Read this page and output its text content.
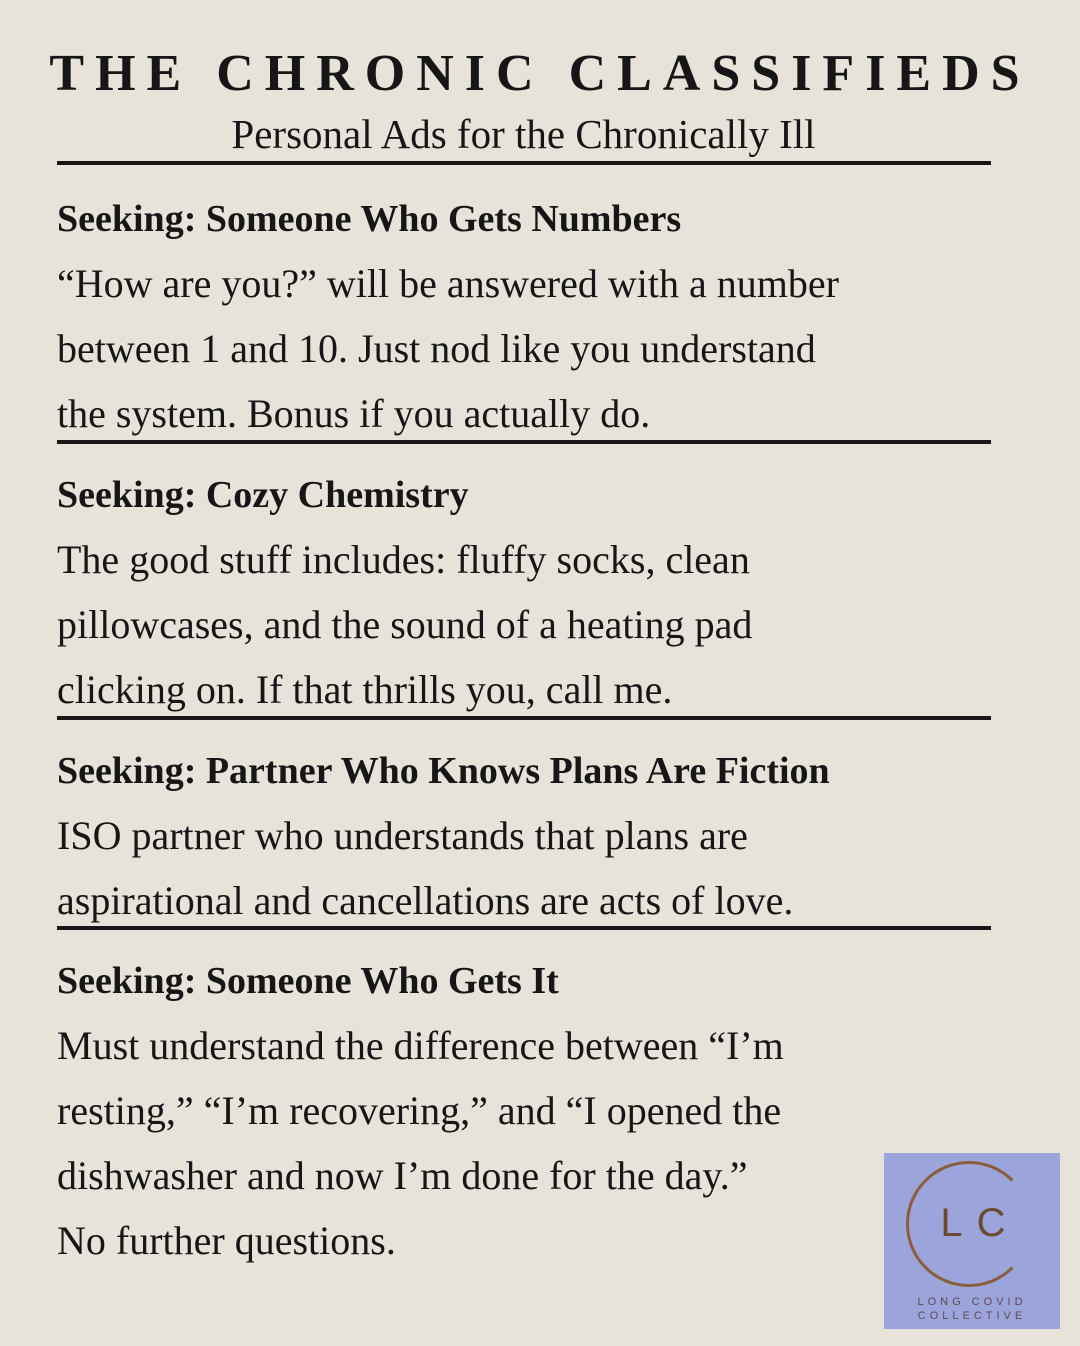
THE CHRONIC CLASSIFIEDS
Personal Ads for the Chronically Ill
Seeking: Someone Who Gets Numbers
“How are you?” will be answered with a number
between 1 and 10. Just nod like you understand
the system. Bonus if you actually do.
Seeking: Cozy Chemistry
The good stuff includes: fluffy socks, clean
pillowcases, and the sound of a heating pad
clicking on. If that thrills you, call me.
Seeking: Partner Who Knows Plans Are Fiction
ISO partner who understands that plans are
aspirational and cancellations are acts of love.
Seeking: Someone Who Gets It
Must understand the difference between “I’m
resting,” “I’m recovering,” and “I opened the
dishwasher and now I’m done for the day.”
No further questions.	LC
LONG COVID
COLLECTIVE
